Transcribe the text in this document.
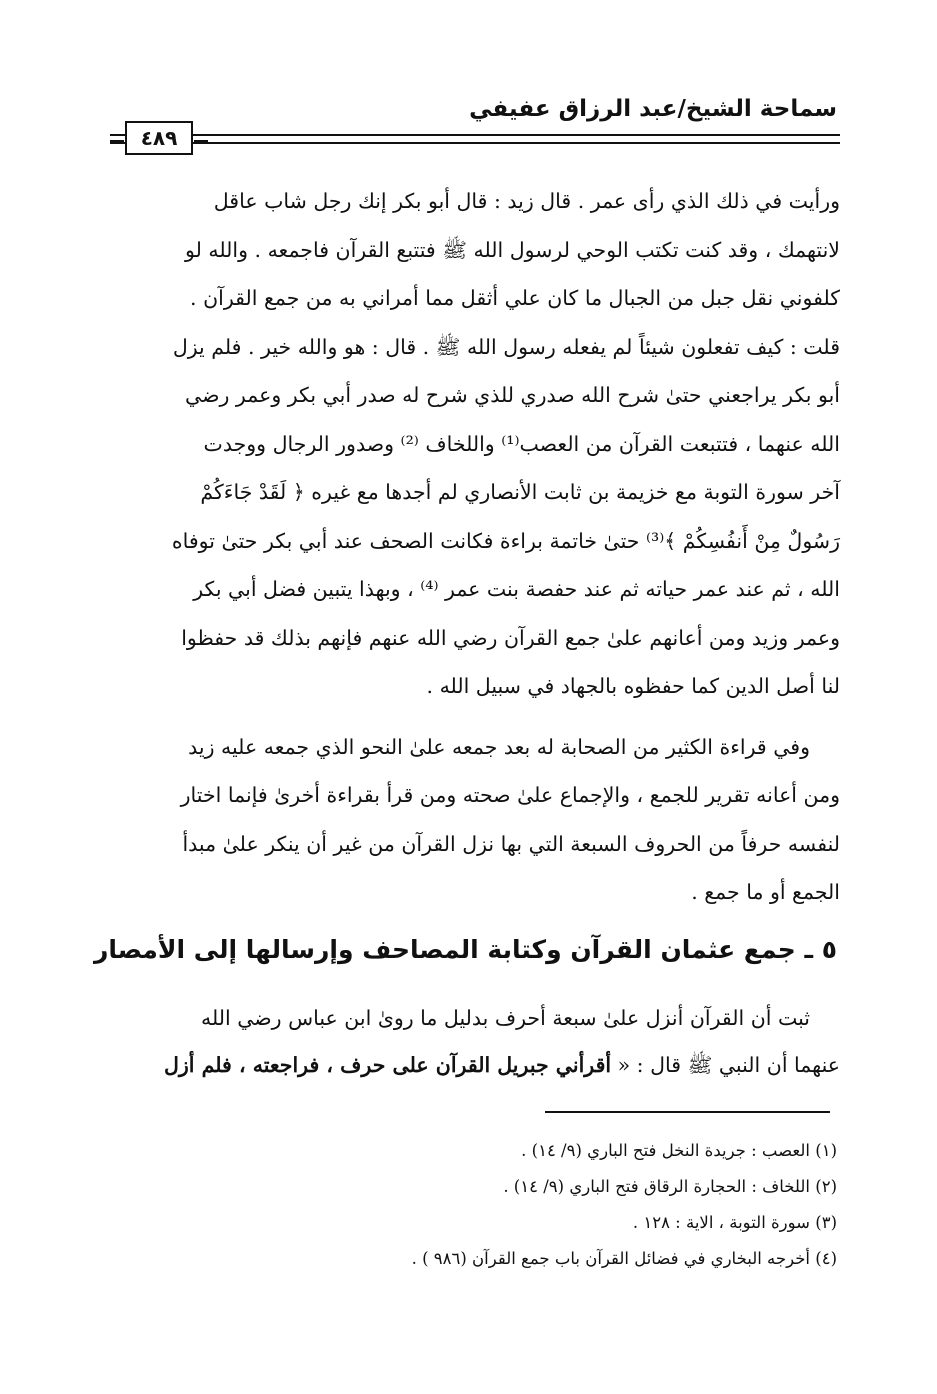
سماحة الشيخ/عبد الرزاق عفيفي
٤٨٩
ورأيت في ذلك الذي رأى عمر . قال زيد : قال أبو بكر إنك رجل شاب عاقل
لانتهمك ، وقد كنت تكتب الوحي لرسول الله ﷺ فتتبع القرآن فاجمعه . والله لو
كلفوني نقل جبل من الجبال ما كان علي أثقل مما أمراني به من جمع القرآن .
قلت : كيف تفعلون شيئاً لم يفعله رسول الله ﷺ . قال : هو والله خير . فلم يزل
أبو بكر يراجعني حتىٰ شرح الله صدري للذي شرح له صدر أبي بكر وعمر رضي
الله عنهما ، فتتبعت القرآن من العصب⁽¹⁾ واللخاف ⁽²⁾ وصدور الرجال ووجدت
آخر سورة التوبة مع خزيمة بن ثابت الأنصاري لم أجدها مع غيره ﴿ لَقَدْ جَاءَكُمْ
رَسُولٌ مِنْ أَنفُسِكُمْ ﴾⁽³⁾ حتىٰ خاتمة براءة فكانت الصحف عند أبي بكر حتىٰ توفاه
الله ، ثم عند عمر حياته ثم عند حفصة بنت عمر ⁽⁴⁾ ، وبهذا يتبين فضل أبي بكر
وعمر وزيد ومن أعانهم علىٰ جمع القرآن رضي الله عنهم فإنهم بذلك قد حفظوا
لنا أصل الدين كما حفظوه بالجهاد في سبيل الله .
وفي قراءة الكثير من الصحابة له بعد جمعه علىٰ النحو الذي جمعه عليه زيد
ومن أعانه تقرير للجمع ، والإجماع علىٰ صحته ومن قرأ بقراءة أخرىٰ فإنما اختار
لنفسه حرفاً من الحروف السبعة التي بها نزل القرآن من غير أن ينكر علىٰ مبدأ
الجمع أو ما جمع .
٥ ـ جمع عثمان القرآن وكتابة المصاحف وإرسالها إلى الأمصار
ثبت أن القرآن أنزل علىٰ سبعة أحرف بدليل ما روىٰ ابن عباس رضي الله
عنهما أن النبي ﷺ قال : « أقرأني جبريل القرآن على حرف ، فراجعته ، فلم أزل
(١) العصب : جريدة النخل فتح الباري (٩/ ١٤) .
(٢) اللخاف : الحجارة الرقاق فتح الباري (٩/ ١٤) .
(٣) سورة التوبة ، الاية : ١٢٨ .
(٤) أخرجه البخاري في فضائل القرآن باب جمع القرآن (٩٨٦ ) .
